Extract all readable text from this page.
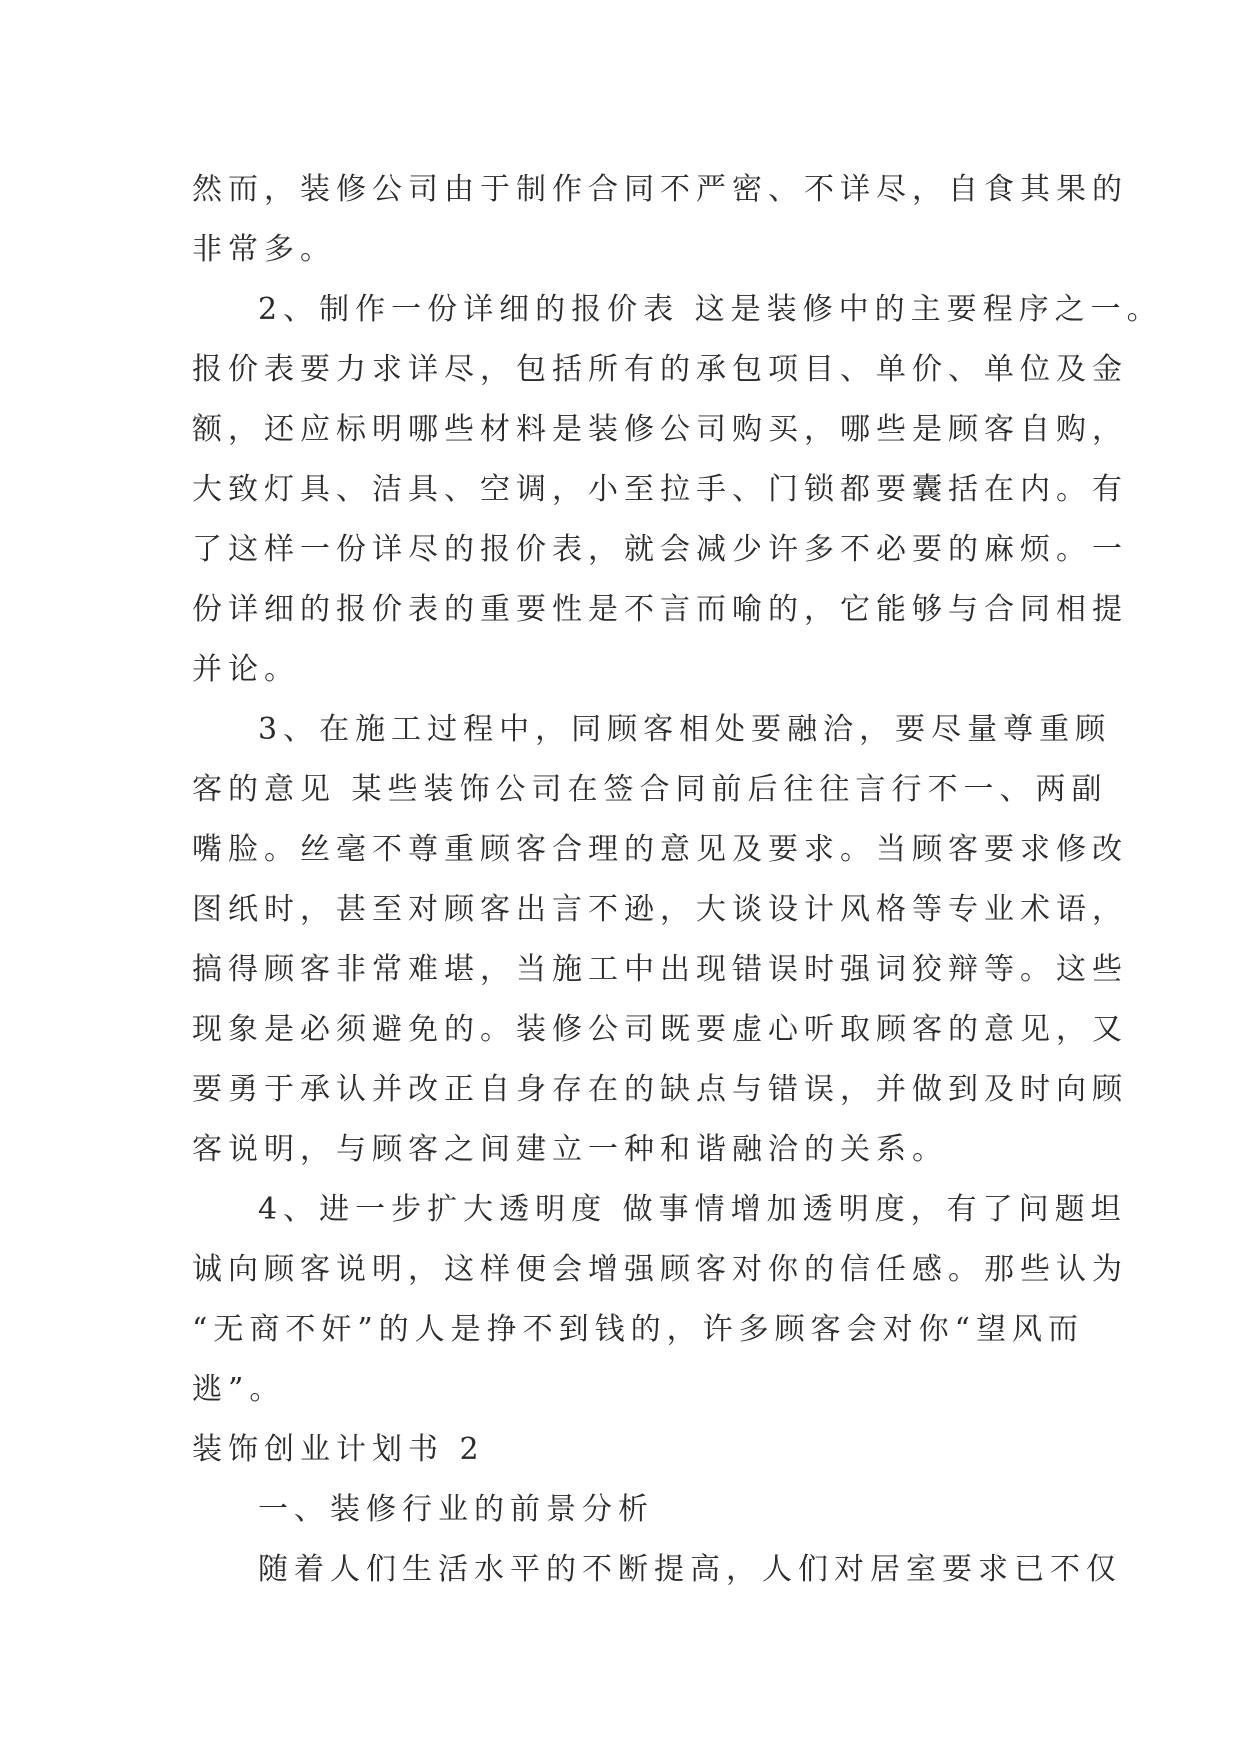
然而，装修公司由于制作合同不严密、不详尽，自食其果的
非常多。
2、制作一份详细的报价表 这是装修中的主要程序之一。
报价表要力求详尽，包括所有的承包项目、单价、单位及金
额，还应标明哪些材料是装修公司购买，哪些是顾客自购，
大致灯具、洁具、空调，小至拉手、门锁都要囊括在内。有
了这样一份详尽的报价表，就会减少许多不必要的麻烦。一
份详细的报价表的重要性是不言而喻的，它能够与合同相提
并论。
3、在施工过程中，同顾客相处要融洽，要尽量尊重顾
客的意见 某些装饰公司在签合同前后往往言行不一、两副
嘴脸。丝毫不尊重顾客合理的意见及要求。当顾客要求修改
图纸时，甚至对顾客出言不逊，大谈设计风格等专业术语，
搞得顾客非常难堪，当施工中出现错误时强词狡辩等。这些
现象是必须避免的。装修公司既要虚心听取顾客的意见，又
要勇于承认并改正自身存在的缺点与错误，并做到及时向顾
客说明，与顾客之间建立一种和谐融洽的关系。
4、进一步扩大透明度 做事情增加透明度，有了问题坦
诚向顾客说明，这样便会增强顾客对你的信任感。那些认为
“无商不奸”的人是挣不到钱的，许多顾客会对你“望风而
逃”。
装饰创业计划书 2
一、装修行业的前景分析
随着人们生活水平的不断提高，人们对居室要求已不仅
